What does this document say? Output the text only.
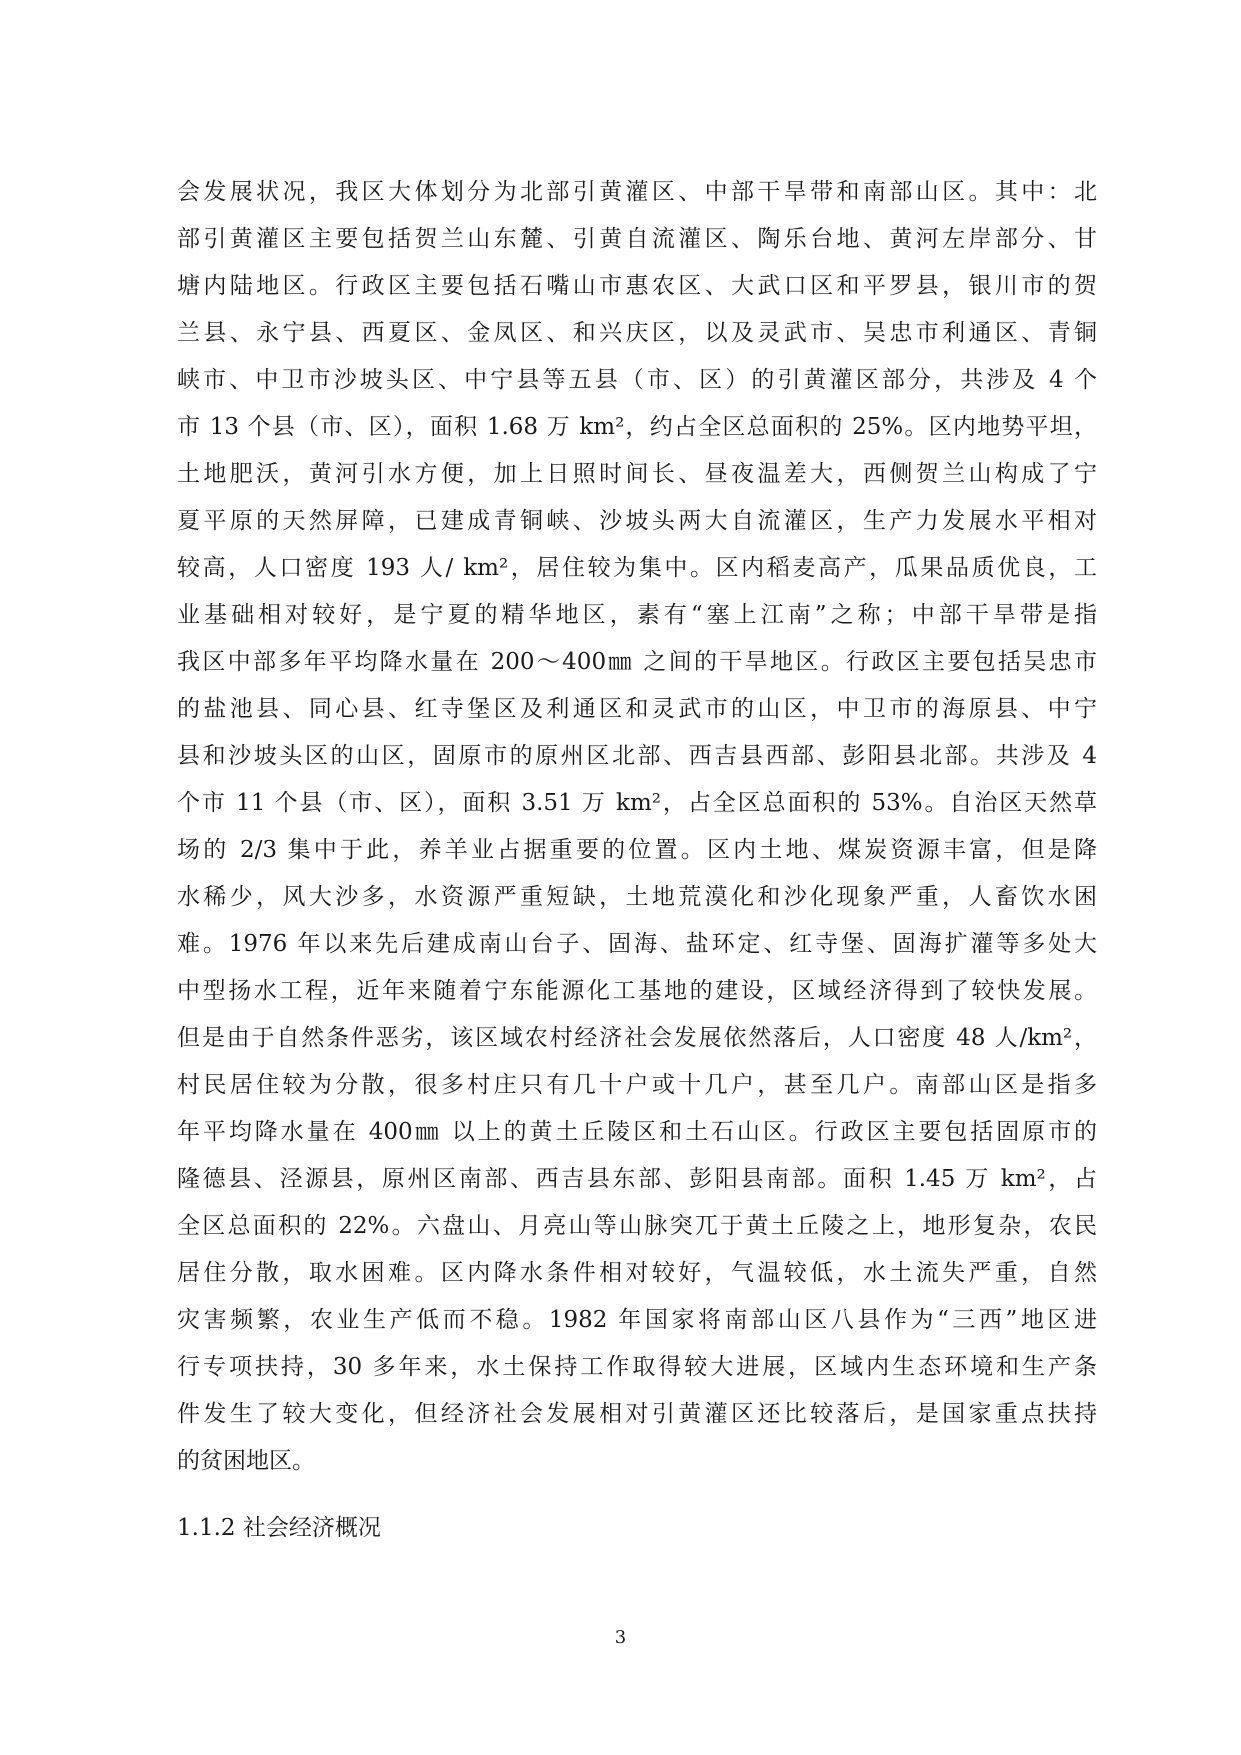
会发展状况，我区大体划分为北部引黄灌区、中部干旱带和南部山区。其中：北
部引黄灌区主要包括贺兰山东麓、引黄自流灌区、陶乐台地、黄河左岸部分、甘
塘内陆地区。行政区主要包括石嘴山市惠农区、大武口区和平罗县，银川市的贺
兰县、永宁县、西夏区、金凤区、和兴庆区，以及灵武市、吴忠市利通区、青铜
峡市、中卫市沙坡头区、中宁县等五县（市、区）的引黄灌区部分，共涉及 4 个
市 13 个县（市、区），面积 1.68 万 km²，约占全区总面积的 25%。区内地势平坦，
土地肥沃，黄河引水方便，加上日照时间长、昼夜温差大，西侧贺兰山构成了宁
夏平原的天然屏障，已建成青铜峡、沙坡头两大自流灌区，生产力发展水平相对
较高，人口密度 193 人/ km²，居住较为集中。区内稻麦高产，瓜果品质优良，工
业基础相对较好，是宁夏的精华地区，素有“塞上江南”之称；中部干旱带是指
我区中部多年平均降水量在 200～400㎜ 之间的干旱地区。行政区主要包括吴忠市
的盐池县、同心县、红寺堡区及利通区和灵武市的山区，中卫市的海原县、中宁
县和沙坡头区的山区，固原市的原州区北部、西吉县西部、彭阳县北部。共涉及 4
个市 11 个县（市、区），面积 3.51 万 km²，占全区总面积的 53%。自治区天然草
场的 2/3 集中于此，养羊业占据重要的位置。区内土地、煤炭资源丰富，但是降
水稀少，风大沙多，水资源严重短缺，土地荒漠化和沙化现象严重，人畜饮水困
难。1976 年以来先后建成南山台子、固海、盐环定、红寺堡、固海扩灌等多处大
中型扬水工程，近年来随着宁东能源化工基地的建设，区域经济得到了较快发展。
但是由于自然条件恶劣，该区域农村经济社会发展依然落后，人口密度 48 人/km²，
村民居住较为分散，很多村庄只有几十户或十几户，甚至几户。南部山区是指多
年平均降水量在 400㎜ 以上的黄土丘陵区和土石山区。行政区主要包括固原市的
隆德县、泾源县，原州区南部、西吉县东部、彭阳县南部。面积 1.45 万 km²，占
全区总面积的 22%。六盘山、月亮山等山脉突兀于黄土丘陵之上，地形复杂，农民
居住分散，取水困难。区内降水条件相对较好，气温较低，水土流失严重，自然
灾害频繁，农业生产低而不稳。1982 年国家将南部山区八县作为“三西”地区进
行专项扶持，30 多年来，水土保持工作取得较大进展，区域内生态环境和生产条
件发生了较大变化，但经济社会发展相对引黄灌区还比较落后，是国家重点扶持
的贫困地区。
1.1.2 社会经济概况
3
